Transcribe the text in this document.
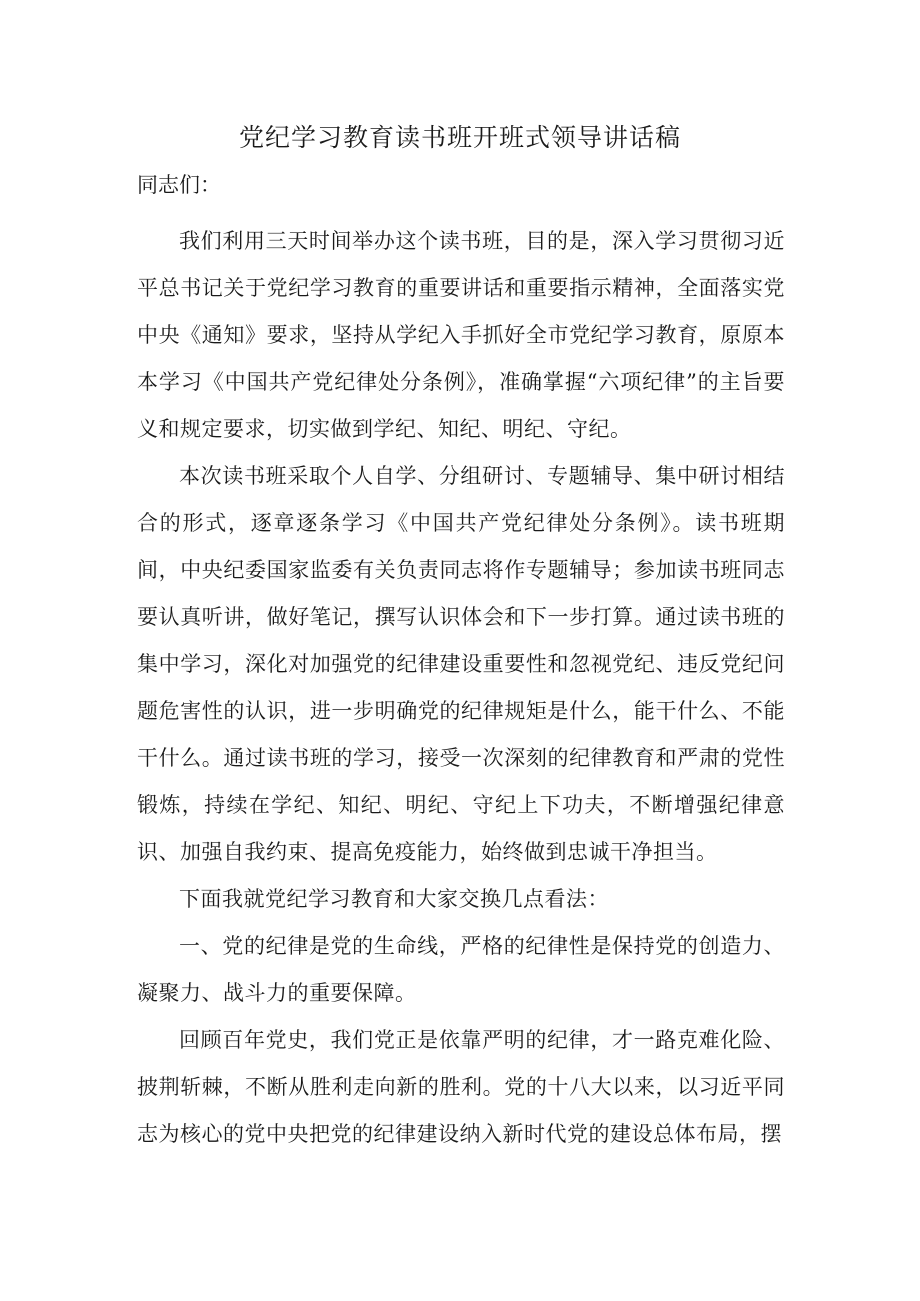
党纪学习教育读书班开班式领导讲话稿

同志们：

我们利用三天时间举办这个读书班，目的是，深入学习贯彻习近平总书记关于党纪学习教育的重要讲话和重要指示精神，全面落实党中央《通知》要求，坚持从学纪入手抓好全市党纪学习教育，原原本本学习《中国共产党纪律处分条例》，准确掌握“六项纪律”的主旨要义和规定要求，切实做到学纪、知纪、明纪、守纪。

本次读书班采取个人自学、分组研讨、专题辅导、集中研讨相结合的形式，逐章逐条学习《中国共产党纪律处分条例》。读书班期间，中央纪委国家监委有关负责同志将作专题辅导；参加读书班同志要认真听讲，做好笔记，撰写认识体会和下一步打算。通过读书班的集中学习，深化对加强党的纪律建设重要性和忽视党纪、违反党纪问题危害性的认识，进一步明确党的纪律规矩是什么，能干什么、不能干什么。通过读书班的学习，接受一次深刻的纪律教育和严肃的党性锻炼，持续在学纪、知纪、明纪、守纪上下功夫，不断增强纪律意识、加强自我约束、提高免疫能力，始终做到忠诚干净担当。

下面我就党纪学习教育和大家交换几点看法：

一、党的纪律是党的生命线，严格的纪律性是保持党的创造力、凝聚力、战斗力的重要保障。

回顾百年党史，我们党正是依靠严明的纪律，才一路克难化险、披荆斩棘，不断从胜利走向新的胜利。党的十八大以来，以习近平同志为核心的党中央把党的纪律建设纳入新时代党的建设总体布局，摆
